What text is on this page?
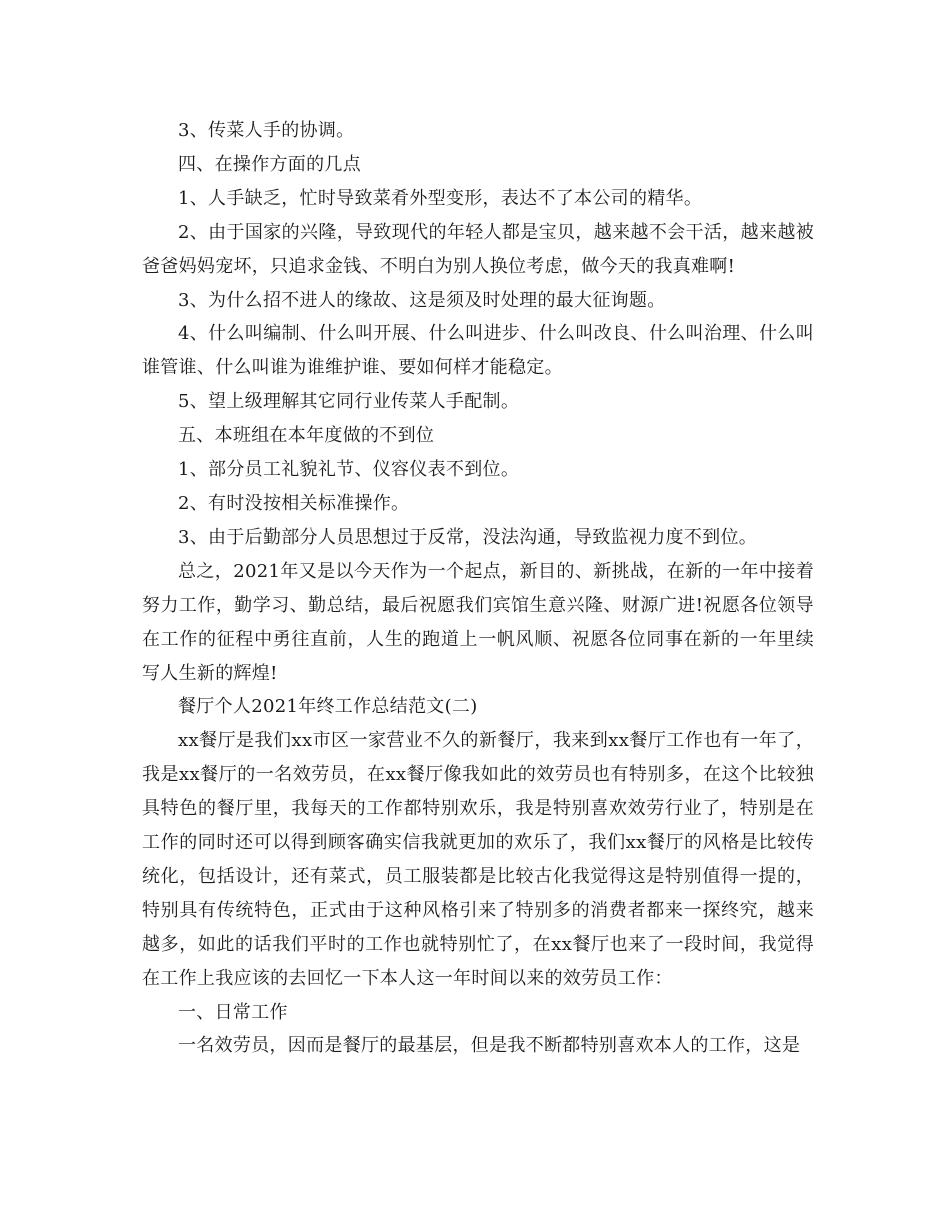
3、传菜人手的协调。

四、在操作方面的几点

1、人手缺乏，忙时导致菜肴外型变形，表达不了本公司的精华。

2、由于国家的兴隆，导致现代的年轻人都是宝贝，越来越不会干活，越来越被爸爸妈妈宠坏，只追求金钱、不明白为别人换位考虑，做今天的我真难啊!

3、为什么招不进人的缘故、这是须及时处理的最大征询题。

4、什么叫编制、什么叫开展、什么叫进步、什么叫改良、什么叫治理、什么叫谁管谁、什么叫谁为谁维护谁、要如何样才能稳定。

5、望上级理解其它同行业传菜人手配制。

五、本班组在本年度做的不到位

1、部分员工礼貌礼节、仪容仪表不到位。

2、有时没按相关标准操作。

3、由于后勤部分人员思想过于反常，没法沟通，导致监视力度不到位。

总之，2021年又是以今天作为一个起点，新目的、新挑战，在新的一年中接着努力工作，勤学习、勤总结，最后祝愿我们宾馆生意兴隆、财源广进!祝愿各位领导在工作的征程中勇往直前，人生的跑道上一帆风顺、祝愿各位同事在新的一年里续写人生新的辉煌!

餐厅个人2021年终工作总结范文(二)

xx餐厅是我们xx市区一家营业不久的新餐厅，我来到xx餐厅工作也有一年了，我是xx餐厅的一名效劳员，在xx餐厅像我如此的效劳员也有特别多，在这个比较独具特色的餐厅里，我每天的工作都特别欢乐，我是特别喜欢效劳行业了，特别是在工作的同时还可以得到顾客确实信我就更加的欢乐了，我们xx餐厅的风格是比较传统化，包括设计，还有菜式，员工服装都是比较古化我觉得这是特别值得一提的，特别具有传统特色，正式由于这种风格引来了特别多的消费者都来一探终究，越来越多，如此的话我们平时的工作也就特别忙了，在xx餐厅也来了一段时间，我觉得在工作上我应该的去回忆一下本人这一年时间以来的效劳员工作：

一、日常工作

一名效劳员，因而是餐厅的最基层，但是我不断都特别喜欢本人的工作，这是
